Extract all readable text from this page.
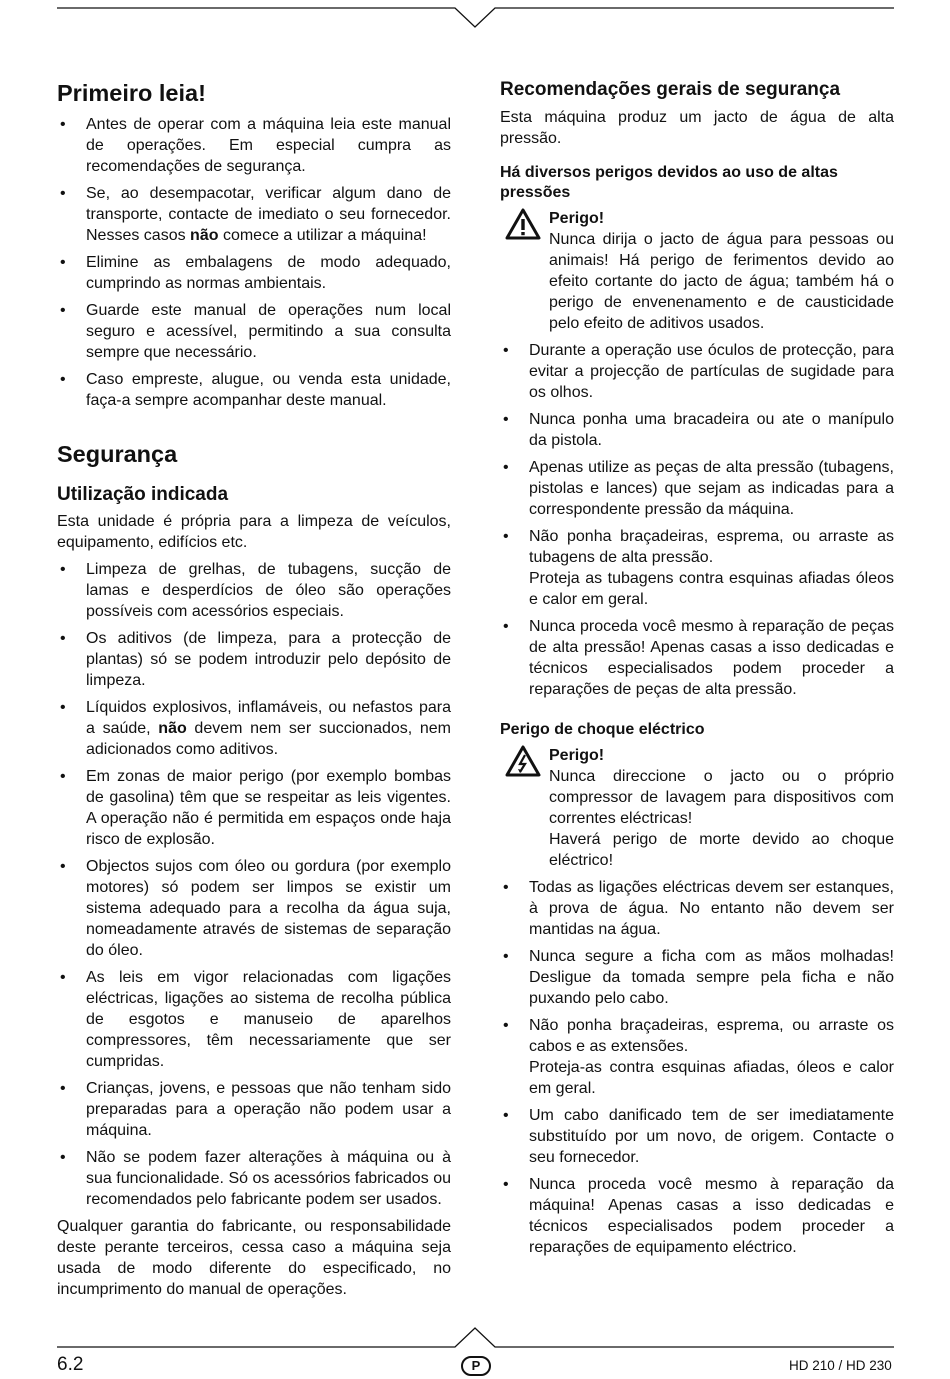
Primeiro leia!
• Antes de operar com a máquina leia este manual de operações. Em especial cumpra as recomendações de segurança.
• Se, ao desempacotar, verificar algum dano de transporte, contacte de imediato o seu fornecedor. Nesses casos não comece a utilizar a máquina!
• Elimine as embalagens de modo adequado, cumprindo as normas ambientais.
• Guarde este manual de operações num local seguro e acessível, permitindo a sua consulta sempre que necessário.
• Caso empreste, alugue, ou venda esta unidade, faça-a sempre acompanhar deste manual.
Segurança
Utilização indicada

Esta unidade é própria para a limpeza de veículos, equipamento, edifícios etc.

• Limpeza de grelhas, de tubagens, sucção de lamas e desperdícios de óleo são operações possíveis com acessórios especiais.
• Os aditivos (de limpeza, para a protecção de plantas) só se podem introduzir pelo depósito de limpeza.
• Líquidos explosivos, inflamáveis, ou nefastos para a saúde, não devem nem ser succionados, nem adicionados como aditivos.
• Em zonas de maior perigo (por exemplo bombas de gasolina) têm que se respeitar as leis vigentes. A operação não é permitida em espaços onde haja risco de explosão.
• Objectos sujos com óleo ou gordura (por exemplo motores) só podem ser limpos se existir um sistema adequado para a recolha da água suja, nomeadamente através de sistemas de separação do óleo.
• As leis em vigor relacionadas com ligações eléctricas, ligações ao sistema de recolha pública de esgotos e manuseio de aparelhos compressores, têm necessariamente que ser cumpridas.
• Crianças, jovens, e pessoas que não tenham sido preparadas para a operação não podem usar a máquina.
• Não se podem fazer alterações à máquina ou à sua funcionalidade. Só os acessórios fabricados ou recomendados pelo fabricante podem ser usados.

Qualquer garantia do fabricante, ou responsabilidade deste perante terceiros, cessa caso a máquina seja usada de modo diferente do especificado, no incumprimento do manual de operações.

Recomendações gerais de segurança

Esta máquina produz um jacto de água de alta pressão.

Há diversos perigos devidos ao uso de altas pressões
Perigo!
Nunca dirija o jacto de água para pessoas ou animais! Há perigo de ferimentos devido ao efeito cortante do jacto de água; também há o perigo de envenenamento e de causticidade pelo efeito de aditivos usados.
• Durante a operação use óculos de protecção, para evitar a projecção de partículas de sugidade para os olhos.
• Nunca ponha uma bracadeira ou ate o manípulo da pistola.
• Apenas utilize as peças de alta pressão (tubagens, pistolas e lances) que sejam as indicadas para a correspondente pressão da máquina.
• Não ponha braçadeiras, esprema, ou arraste as tubagens de alta pressão.
Proteja as tubagens contra esquinas afiadas óleos e calor em geral.
• Nunca proceda você mesmo à reparação de peças de alta pressão! Apenas casas a isso dedicadas e técnicos especialisados podem proceder a reparações de peças de alta pressão.
Perigo de choque eléctrico
Perigo!
Nunca direccione o jacto ou o próprio compressor de lavagem para dispositivos com correntes eléctricas!
Haverá perigo de morte devido ao choque eléctrico!
• Todas as ligações eléctricas devem ser estanques, à prova de água. No entanto não devem ser mantidas na água.
• Nunca segure a ficha com as mãos molhadas! Desligue da tomada sempre pela ficha e não puxando pelo cabo.
• Não ponha braçadeiras, esprema, ou arraste os cabos e as extensões.
Proteja-as contra esquinas afiadas, óleos e calor em geral.
• Um cabo danificado tem de ser imediatamente substituído por um novo, de origem. Contacte o seu fornecedor.
• Nunca proceda você mesmo à reparação da máquina! Apenas casas a isso dedicadas e técnicos especialisados podem proceder a reparações de equipamento eléctrico.
6.2	P	HD 210 / HD 230
